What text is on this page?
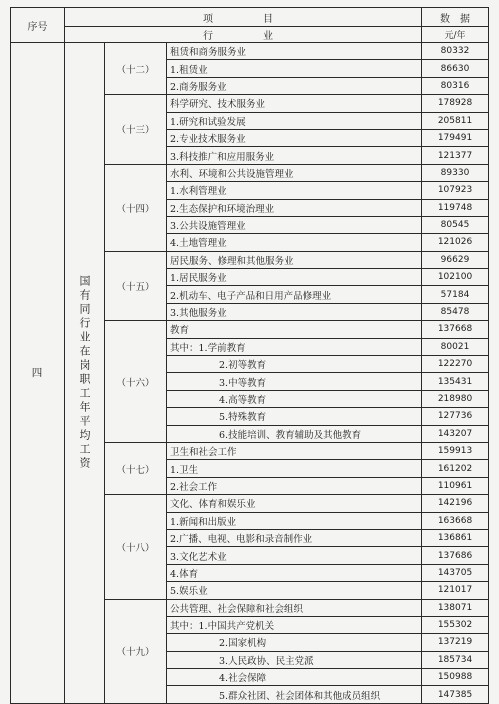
序号	项　　目			数　据
	行　　业			元/年
四	国有同行业在岗职工年平均工资	（十二）	租赁和商务服务业	80332
			1.租赁业	86630
			2.商务服务业	80316
		（十三）	科学研究、技术服务业	178928
			1.研究和试验发展	205811
			2.专业技术服务业	179491
			3.科技推广和应用服务业	121377
		（十四）	水利、环境和公共设施管理业	89330
			1.水利管理业	107923
			2.生态保护和环境治理业	119748
			3.公共设施管理业	80545
			4.土地管理业	121026
		（十五）	居民服务、修理和其他服务业	96629
			1.居民服务业	102100
			2.机动车、电子产品和日用产品修理业	57184
			3.其他服务业	85478
		（十六）	教育	137668
			其中：1.学前教育	80021
			2.初等教育	122270
			3.中等教育	135431
			4.高等教育	218980
			5.特殊教育	127736
			6.技能培训、教育辅助及其他教育	143207
		（十七）	卫生和社会工作	159913
			1.卫生	161202
			2.社会工作	110961
		（十八）	文化、体育和娱乐业	142196
			1.新闻和出版业	163668
			2.广播、电视、电影和录音制作业	136861
			3.文化艺术业	137686
			4.体育	143705
			5.娱乐业	121017
		（十九）	公共管理、社会保障和社会组织	138071
			其中：1.中国共产党机关	155302
			2.国家机构	137219
			3.人民政协、民主党派	185734
			4.社会保障	150988
			5.群众社团、社会团体和其他成员组织	147385
